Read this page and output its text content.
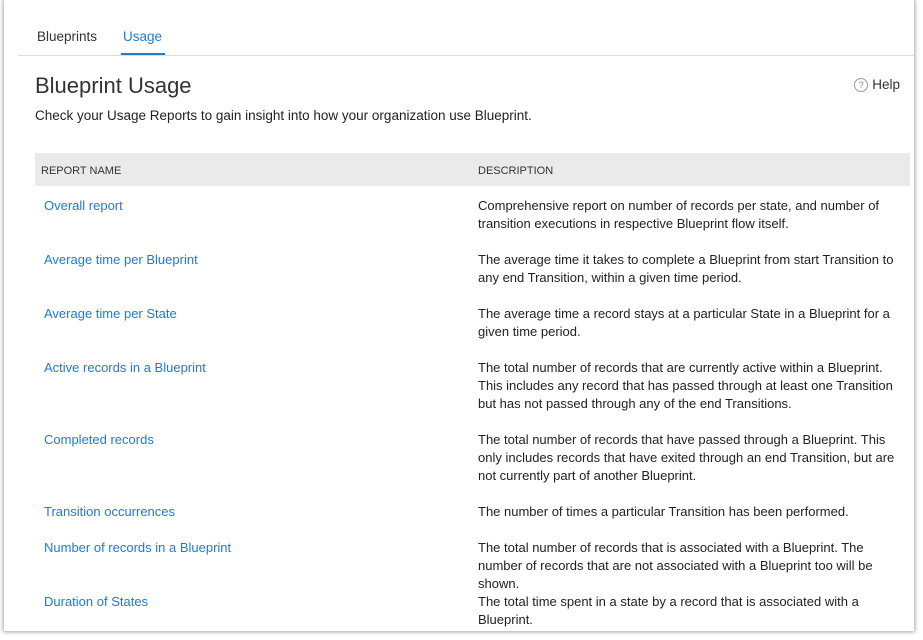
Blueprints Usage
Blueprint Usage	? Help
Check your Usage Reports to gain insight into how your organization use Blueprint.
REPORT NAME	DESCRIPTION
Overall report	Comprehensive report on number of records per state, and number of transition executions in respective Blueprint flow itself.
Average time per Blueprint	The average time it takes to complete a Blueprint from start Transition to any end Transition, within a given time period.
Average time per State	The average time a record stays at a particular State in a Blueprint for a given time period.
Active records in a Blueprint	The total number of records that are currently active within a Blueprint. This includes any record that has passed through at least one Transition but has not passed through any of the end Transitions.
Completed records	The total number of records that have passed through a Blueprint. This only includes records that have exited through an end Transition, but are not currently part of another Blueprint.
Transition occurrences	The number of times a particular Transition has been performed.
Number of records in a Blueprint	The total number of records that is associated with a Blueprint. The number of records that are not associated with a Blueprint too will be shown.
Duration of States	The total time spent in a state by a record that is associated with a Blueprint.
